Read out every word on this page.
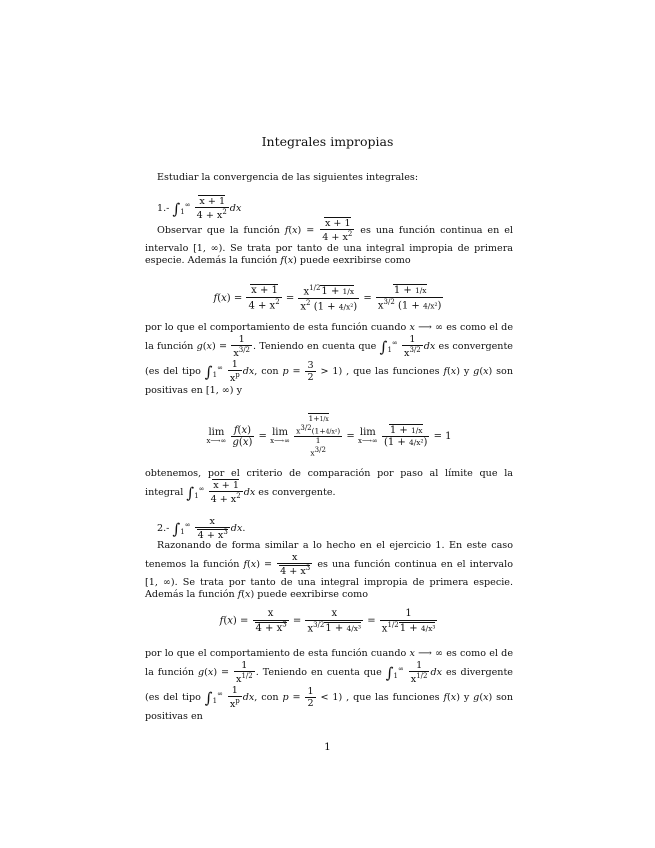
Integrales impropias
Estudiar la convergencia de las siguientes integrales:
1.- $\int_1^\infty \frac{x + 1}{4 + x^2}$ dx
Observar que la función $f(x) = \frac{x + 1}{4 + x^2}$ es una función continua en el intervalo [1, ∞). Se trata por tanto de una integral impropia de primera especie. Además la función f(x) puede eexribirse como
$f(x) = \frac{x + 1}{4 + x^2} = \frac{x^{1/2}1 + 1/x}{x^2 (1 + 4/x^2)} = \frac{1 + 1/x}{x^{3/2} (1 + 4/x^2)}$
por lo que el comportamiento de esta función cuando x ⟶ ∞ es como el de la función $g(x) = \frac{1}{x^{3/2}}$ . Teniendo en cuenta que $\int_1^\infty \frac{1}{x^{3/2}}$ dx es convergente (es del tipo $\int_1^\infty \frac{1}{x^p}$ dx, con $p = \frac{3}{2} > 1$) , que las funciones f(x) y g(x) son positivas en [1, ∞) y
lim
x⟶∞
$\frac{f(x)}{g(x)} = \lim$
x⟶∞

1+1/x
$x^{3/2}(1+4/x^2)$
1
$x^{3/2}$
= lim
x⟶∞
$\frac{1 + 1/x}{\text{(1 + 4/x²)}} = 1$
obtenemos, por el criterio de comparación por paso al límite que la integral $\int_1^\infty \frac{x + 1}{4 + x^2}$ dx es convergente.
2.- $\int_1^\infty \frac{x}{4 + x^3}$ dx.
Razonando de forma similar a lo hecho en el ejercicio 1. En este caso tenemos la función $f(x) = \frac{x}{4 + x^3}$ es una función continua en el intervalo [1, ∞). Se trata por tanto de una integral impropia de primera especie. Además la función f(x) puede eexribirse como
$f(x) = \frac{x}{4 + x^3} = \frac{x}{x^{3/2}1 + 4/x^3} = \frac{1}{x^{1/2}1 + 4/x^3}$
por lo que el comportamiento de esta función cuando x ⟶ ∞ es como el de la función $g(x) = \frac{1}{x^{1/2}}$ . Teniendo en cuenta que $\int_1^\infty \frac{1}{x^{1/2}}$ dx es divergente (es del tipo $\int_1^\infty \frac{1}{x^p}$ dx, con $p = \frac{1}{2} < 1$) , que las funciones f(x) y g(x) son positivas en
1
